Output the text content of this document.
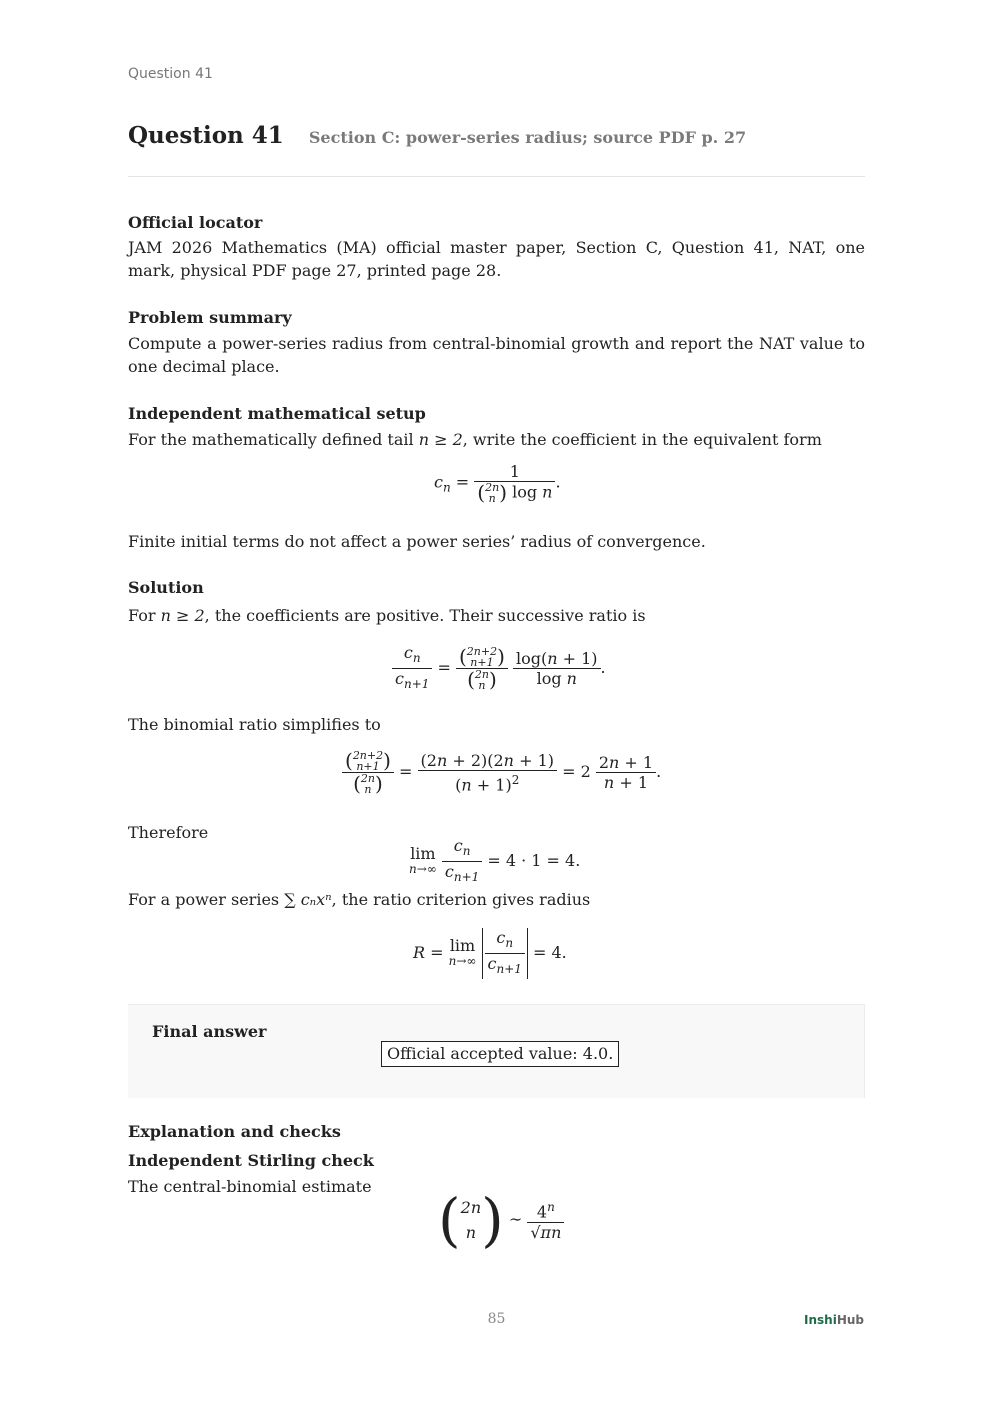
Question 41
Question 41 Section C: power-series radius; source PDF p. 27
Official locator
JAM 2026 Mathematics (MA) official master paper, Section C, Question 41, NAT, one mark, physical PDF page 27, printed page 28.
Problem summary
Compute a power-series radius from central-binomial growth and report the NAT value to one decimal place.
Independent mathematical setup
For the mathematically defined tail n ≥ 2, write the coefficient in the equivalent form
$c_n$ =
1
(2n
n ) log n
.
Finite initial terms do not affect a power series’ radius of convergence.
Solution
For n ≥ 2, the coefficients are positive. Their successive ratio is
$\frac{c_n}{c_{n+1}} = (2n+2$
n+1 )
(2n
n )
	$\frac{\log(n + 1)}{\text{log n}}$ .
The binomial ratio simplifies to
(2n+2
n+1 )
(2n
n ) = $\frac{(2n + 2)(2n + 1)}{(n + 1)^2} = 2 \frac{2n + 1}{n + 1}$ .
Therefore
lim
$n\to\infty \frac{c_n}{c_{n+1}} = 4 \cdot 1 = 4$.
For a power series ∑ cₙxⁿ, the ratio criterion gives radius
R = lim
$n\to\infty \frac{c_n}{c_{n+1}} = 4$.
Final answer
Official accepted value: 4.0.
Explanation and checks
Independent Stirling check
The central-binomial estimate	(2n
n) ∼ $\frac{4^n}{√\pi n}$
85	InshiHub
